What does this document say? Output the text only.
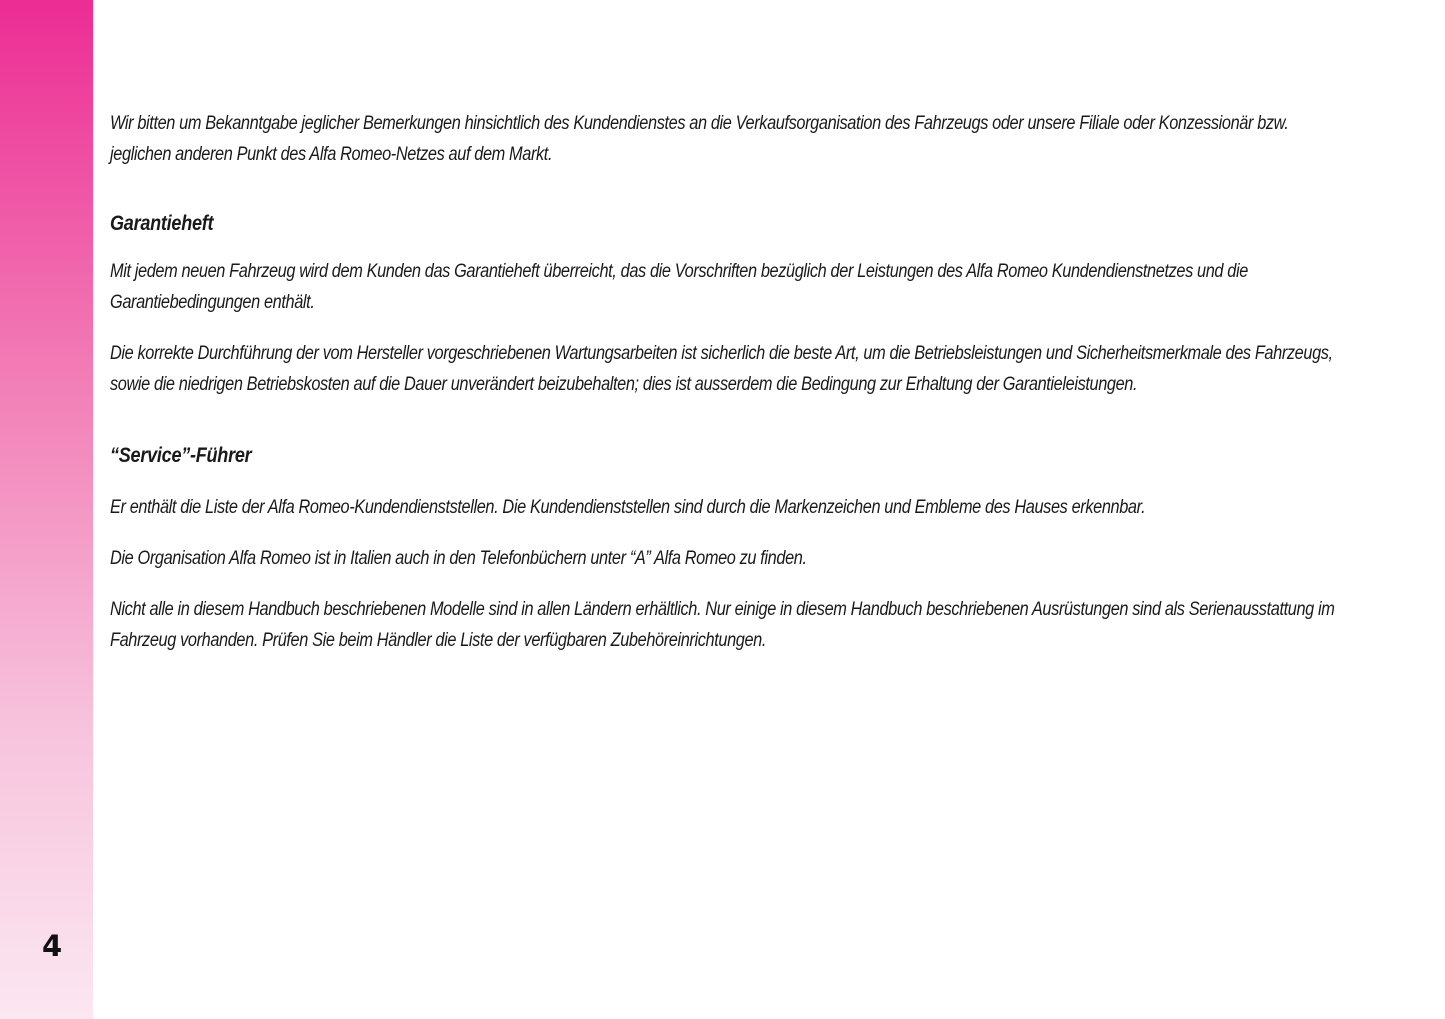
4

Wir bitten um Bekanntgabe jeglicher Bemerkungen hinsichtlich des Kundendienstes an die Verkaufsorganisation des Fahrzeugs oder unsere Filiale oder Konzessionär bzw. jeglichen anderen Punkt des Alfa Romeo-Netzes auf dem Markt.

Garantieheft

Mit jedem neuen Fahrzeug wird dem Kunden das Garantieheft überreicht, das die Vorschriften bezüglich der Leistungen des Alfa Romeo Kundendienstnetzes und die Garantiebedingungen enthält.

Die korrekte Durchführung der vom Hersteller vorgeschriebenen Wartungsarbeiten ist sicherlich die beste Art, um die Betriebsleistungen und Sicherheitsmerkmale des Fahrzeugs, sowie die niedrigen Betriebskosten auf die Dauer unverändert beizubehalten; dies ist ausserdem die Bedingung zur Erhaltung der Garantieleistungen.

“Service”-Führer

Er enthält die Liste der Alfa Romeo-Kundendienststellen. Die Kundendienststellen sind durch die Markenzeichen und Embleme des Hauses erkennbar.

Die Organisation Alfa Romeo ist in Italien auch in den Telefonbüchern unter “A” Alfa Romeo zu finden.

Nicht alle in diesem Handbuch beschriebenen Modelle sind in allen Ländern erhältlich. Nur einige in diesem Handbuch beschriebenen Ausrüstungen sind als Serienausstattung im Fahrzeug vorhanden. Prüfen Sie beim Händler die Liste der verfügbaren Zubehöreinrichtungen.
